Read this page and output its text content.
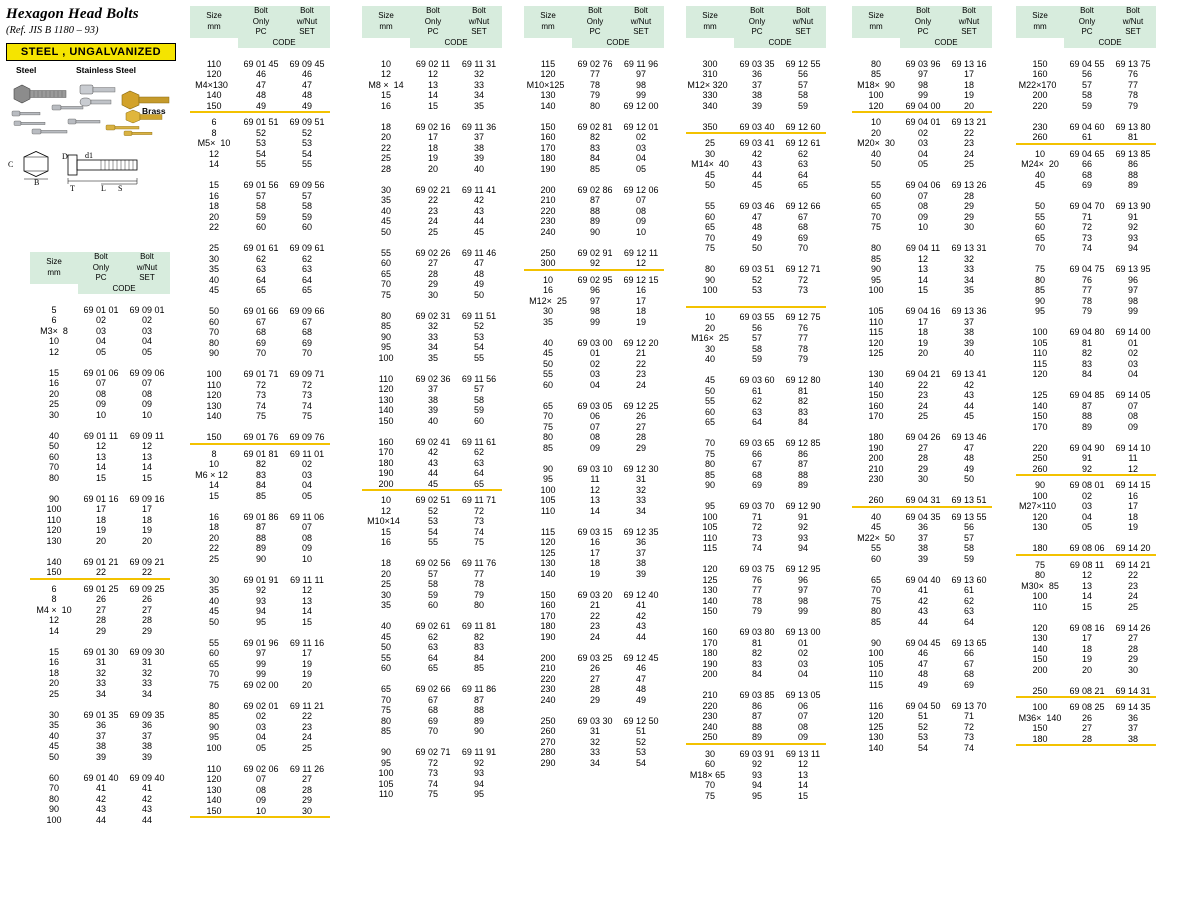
Hexagon Head Bolts
(Ref. JIS B 1180 – 93)
STEEL , UNGALVANIZED
Steel	Stainless Steel
Brass
C
B
D d1
L S
T
Size
mm
	Bolt
Only	Bolt
w/Nut
	PC	SET
	CODE	

5	69 01 01	69 09 01
6	02	02
M3×  8	03	03
10	04	04
12	05	05

15	69 01 06	69 09 06
16	07	07
20	08	08
25	09	09
30	10	10

40	69 01 11	69 09 11
50	12	12
60	13	13
70	14	14
80	15	15

90	69 01 16	69 09 16
100	17	17
110	18	18
120	19	19
130	20	20

140	69 01 21	69 09 21
150	22	22

6	69 01 25	69 09 25
8	26	26
M4 ×  10	27	27
12	28	28
14	29	29

15	69 01 30	69 09 30
16	31	31
18	32	32
20	33	33
25	34	34

30	69 01 35	69 09 35
35	36	36
40	37	37
45	38	38
50	39	39

60	69 01 40	69 09 40
70	41	41
80	42	42
90	43	43
100	44	44

Size
mm
	Bolt
Only	Bolt
w/Nut
	PC	SET
	CODE	

110	69 01 45	69 09 45
120	46	46
M4×130	47	47
140	48	48
150	49	49

6	69 01 51	69 09 51
8	52	52
M5×  10	53	53
12	54	54
14	55	55

15	69 01 56	69 09 56
16	57	57
18	58	58
20	59	59
22	60	60

25	69 01 61	69 09 61
30	62	62
35	63	63
40	64	64
45	65	65

50	69 01 66	69 09 66
60	67	67
70	68	68
80	69	69
90	70	70

100	69 01 71	69 09 71
110	72	72
120	73	73
130	74	74
140	75	75

150	69 01 76	69 09 76

8	69 01 81	69 11 01
10	82	02
M6 × 12	83	03
14	84	04
15	85	05

16	69 01 86	69 11 06
18	87	07
20	88	08
22	89	09
25	90	10

30	69 01 91	69 11 11
35	92	12
40	93	13
45	94	14
50	95	15

55	69 01 96	69 11 16
60	97	17
65	99	19
70	99	19
75	69 02 00	20

80	69 02 01	69 11 21
85	02	22
90	03	23
95	04	24
100	05	25

110	69 02 06	69 11 26
120	07	27
130	08	28
140	09	29
150	10	30

Size
mm
	Bolt
Only	Bolt
w/Nut
	PC	SET
	CODE	

10	69 02 11	69 11 31
12	12	32
M8 ×  14	13	33
15	14	34
16	15	35

18	69 02 16	69 11 36
20	17	37
22	18	38
25	19	39
28	20	40

30	69 02 21	69 11 41
35	22	42
40	23	43
45	24	44
50	25	45

55	69 02 26	69 11 46
60	27	47
65	28	48
70	29	49
75	30	50

80	69 02 31	69 11 51
85	32	52
90	33	53
95	34	54
100	35	55

110	69 02 36	69 11 56
120	37	57
130	38	58
140	39	59
150	40	60

160	69 02 41	69 11 61
170	42	62
180	43	63
190	44	64
200	45	65

10	69 02 51	69 11 71
12	52	72
M10×14	53	73
15	54	74
16	55	75

18	69 02 56	69 11 76
20	57	77
25	58	78
30	59	79
35	60	80

40	69 02 61	69 11 81
45	62	82
50	63	83
55	64	84
60	65	85

65	69 02 66	69 11 86
70	67	87
75	68	88
80	69	89
85	70	90

90	69 02 71	69 11 91
95	72	92
100	73	93
105	74	94
110	75	95

Size
mm
	Bolt
Only	Bolt
w/Nut
	PC	SET
	CODE	

115	69 02 76	69 11 96
120	77	97
M10×125	78	98
130	79	99
140	80	69 12 00

150	69 02 81	69 12 01
160	82	02
170	83	03
180	84	04
190	85	05

200	69 02 86	69 12 06
210	87	07
220	88	08
230	89	09
240	90	10

250	69 02 91	69 12 11
300	92	12

10	69 02 95	69 12 15
16	96	16
M12×  25	97	17
30	98	18
35	99	19

40	69 03 00	69 12 20
45	01	21
50	02	22
55	03	23
60	04	24

65	69 03 05	69 12 25
70	06	26
75	07	27
80	08	28
85	09	29

90	69 03 10	69 12 30
95	11	31
100	12	32
105	13	33
110	14	34

115	69 03 15	69 12 35
120	16	36
125	17	37
130	18	38
140	19	39

150	69 03 20	69 12 40
160	21	41
170	22	42
180	23	43
190	24	44

200	69 03 25	69 12 45
210	26	46
220	27	47
230	28	48
240	29	49

250	69 03 30	69 12 50
260	31	51
270	32	52
280	33	53
290	34	54

Size
mm
	Bolt
Only	Bolt
w/Nut
	PC	SET
	CODE	

300	69 03 35	69 12 55
310	36	56
M12× 320	37	57
330	38	58
340	39	59

350	69 03 40	69 12 60

25	69 03 41	69 12 61
30	42	62
M14×  40	43	63
45	44	64
50	45	65

55	69 03 46	69 12 66
60	47	67
65	48	68
70	49	69
75	50	70

80	69 03 51	69 12 71
90	52	72
100	53	73

10	69 03 55	69 12 75
20	56	76
M16×  25	57	77
30	58	78
40	59	79

45	69 03 60	69 12 80
50	61	81
55	62	82
60	63	83
65	64	84

70	69 03 65	69 12 85
75	66	86
80	67	87
85	68	88
90	69	89

95	69 03 70	69 12 90
100	71	91
105	72	92
110	73	93
115	74	94

120	69 03 75	69 12 95
125	76	96
130	77	97
140	78	98
150	79	99

160	69 03 80	69 13 00
170	81	01
180	82	02
190	83	03
200	84	04

210	69 03 85	69 13 05
220	86	06
230	87	07
240	88	08
250	89	09

30	69 03 91	69 13 11
60	92	12
M18× 65	93	13
70	94	14
75	95	15

Size
mm
	Bolt
Only	Bolt
w/Nut
	PC	SET
	CODE	

80	69 03 96	69 13 16
85	97	17
M18×  90	98	18
100	99	19
120	69 04 00	20

10	69 04 01	69 13 21
20	02	22
M20×  30	03	23
40	04	24
50	05	25

55	69 04 06	69 13 26
60	07	28
65	08	29
70	09	29
75	10	30

80	69 04 11	69 13 31
85	12	32
90	13	33
95	14	34
100	15	35

105	69 04 16	69 13 36
110	17	37
115	18	38
120	19	39
125	20	40

130	69 04 21	69 13 41
140	22	42
150	23	43
160	24	44
170	25	45

180	69 04 26	69 13 46
190	27	47
200	28	48
210	29	49
230	30	50

260	69 04 31	69 13 51

40	69 04 35	69 13 55
45	36	56
M22×  50	37	57
55	38	58
60	39	59

65	69 04 40	69 13 60
70	41	61
75	42	62
80	43	63
85	44	64

90	69 04 45	69 13 65
100	46	66
105	47	67
110	48	68
115	49	69

116	69 04 50	69 13 70
120	51	71
125	52	72
130	53	73
140	54	74

Size
mm
	Bolt
Only	Bolt
w/Nut
	PC	SET
	CODE	

150	69 04 55	69 13 75
160	56	76
M22×170	57	77
200	58	78
220	59	79

230	69 04 60	69 13 80
260	61	81

10	69 04 65	69 13 85
M24×  20	66	86
40	68	88
45	69	89

50	69 04 70	69 13 90
55	71	91
60	72	92
65	73	93
70	74	94

75	69 04 75	69 13 95
80	76	96
85	77	97
90	78	98
95	79	99

100	69 04 80	69 14 00
105	81	01
110	82	02
115	83	03
120	84	04

125	69 04 85	69 14 05
140	87	07
150	88	08
170	89	09

220	69 04 90	69 14 10
250	91	11
260	92	12

90	69 08 01	69 14 15
100	02	16
M27×110	03	17
120	04	18
130	05	19

180	69 08 06	69 14 20

75	69 08 11	69 14 21
80	12	22
M30×  85	13	23
100	14	24
110	15	25

120	69 08 16	69 14 26
130	17	27
140	18	28
150	19	29
200	20	30

250	69 08 21	69 14 31

100	69 08 25	69 14 35
M36×  140	26	36
150	27	37
180	28	38
